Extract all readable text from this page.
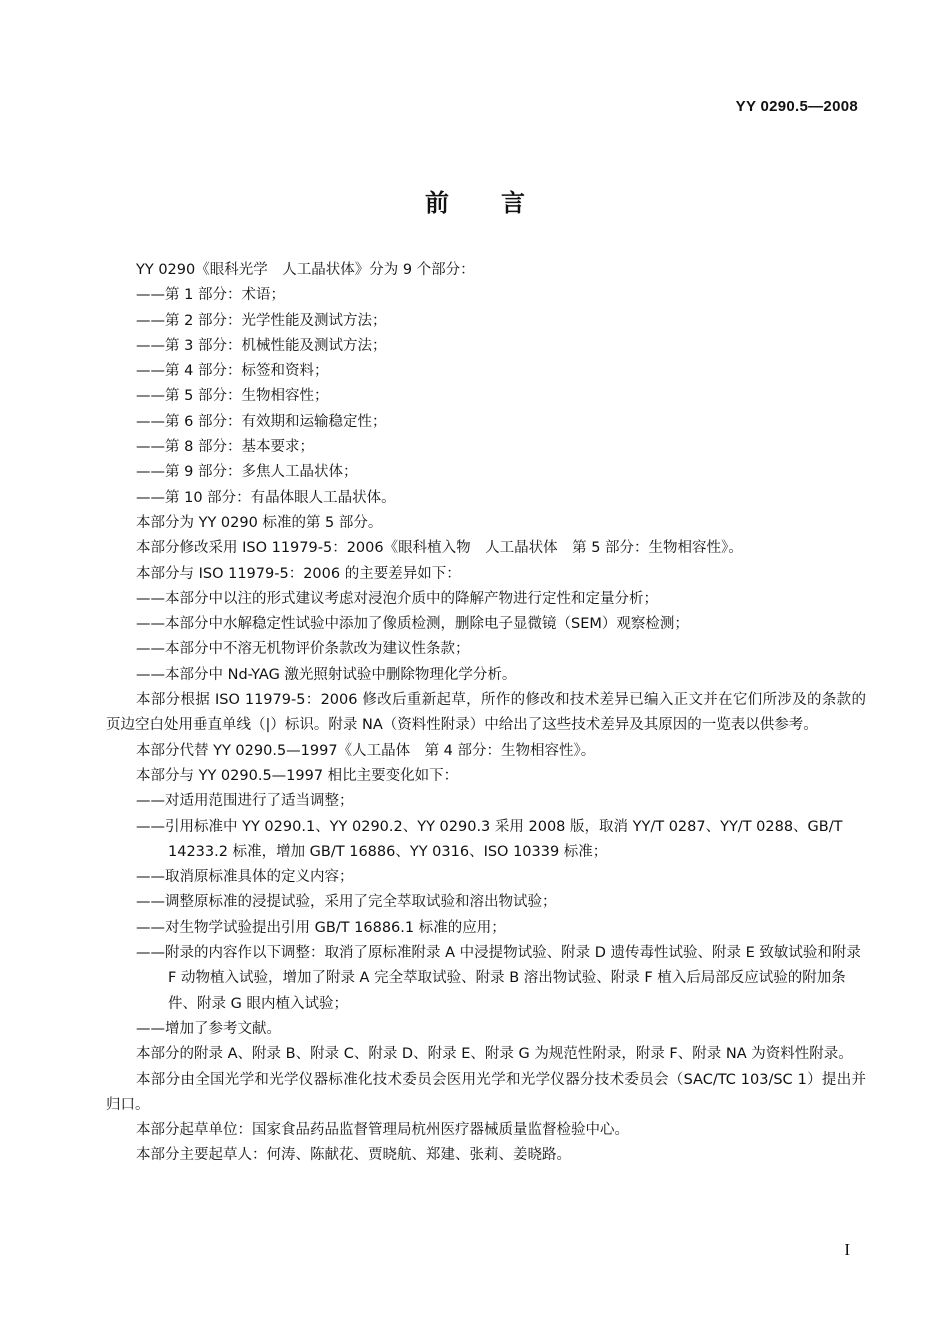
YY 0290.5—2008
前 言
YY 0290《眼科光学　人工晶状体》分为 9 个部分：
——第 1 部分：术语；
——第 2 部分：光学性能及测试方法；
——第 3 部分：机械性能及测试方法；
——第 4 部分：标签和资料；
——第 5 部分：生物相容性；
——第 6 部分：有效期和运输稳定性；
——第 8 部分：基本要求；
——第 9 部分：多焦人工晶状体；
——第 10 部分：有晶体眼人工晶状体。
本部分为 YY 0290 标准的第 5 部分。
本部分修改采用 ISO 11979-5：2006《眼科植入物　人工晶状体　第 5 部分：生物相容性》。
本部分与 ISO 11979-5：2006 的主要差异如下：
——本部分中以注的形式建议考虑对浸泡介质中的降解产物进行定性和定量分析；
——本部分中水解稳定性试验中添加了像质检测，删除电子显微镜（SEM）观察检测；
——本部分中不溶无机物评价条款改为建议性条款；
——本部分中 Nd-YAG 激光照射试验中删除物理化学分析。
本部分根据 ISO 11979-5：2006 修改后重新起草，所作的修改和技术差异已编入正文并在它们所涉及的条款的页边空白处用垂直单线（|）标识。附录 NA（资料性附录）中给出了这些技术差异及其原因的一览表以供参考。
本部分代替 YY 0290.5—1997《人工晶体　第 4 部分：生物相容性》。
本部分与 YY 0290.5—1997 相比主要变化如下：
——对适用范围进行了适当调整；
——引用标准中 YY 0290.1、YY 0290.2、YY 0290.3 采用 2008 版，取消 YY/T 0287、YY/T 0288、GB/T 14233.2 标准，增加 GB/T 16886、YY 0316、ISO 10339 标准；
——取消原标准具体的定义内容；
——调整原标准的浸提试验，采用了完全萃取试验和溶出物试验；
——对生物学试验提出引用 GB/T 16886.1 标准的应用；
——附录的内容作以下调整：取消了原标准附录 A 中浸提物试验、附录 D 遗传毒性试验、附录 E 致敏试验和附录 F 动物植入试验，增加了附录 A 完全萃取试验、附录 B 溶出物试验、附录 F 植入后局部反应试验的附加条件、附录 G 眼内植入试验；
——增加了参考文献。
本部分的附录 A、附录 B、附录 C、附录 D、附录 E、附录 G 为规范性附录，附录 F、附录 NA 为资料性附录。
本部分由全国光学和光学仪器标准化技术委员会医用光学和光学仪器分技术委员会（SAC/TC 103/SC 1）提出并归口。
本部分起草单位：国家食品药品监督管理局杭州医疗器械质量监督检验中心。
本部分主要起草人：何涛、陈献花、贾晓航、郑建、张莉、姜晓路。
I
